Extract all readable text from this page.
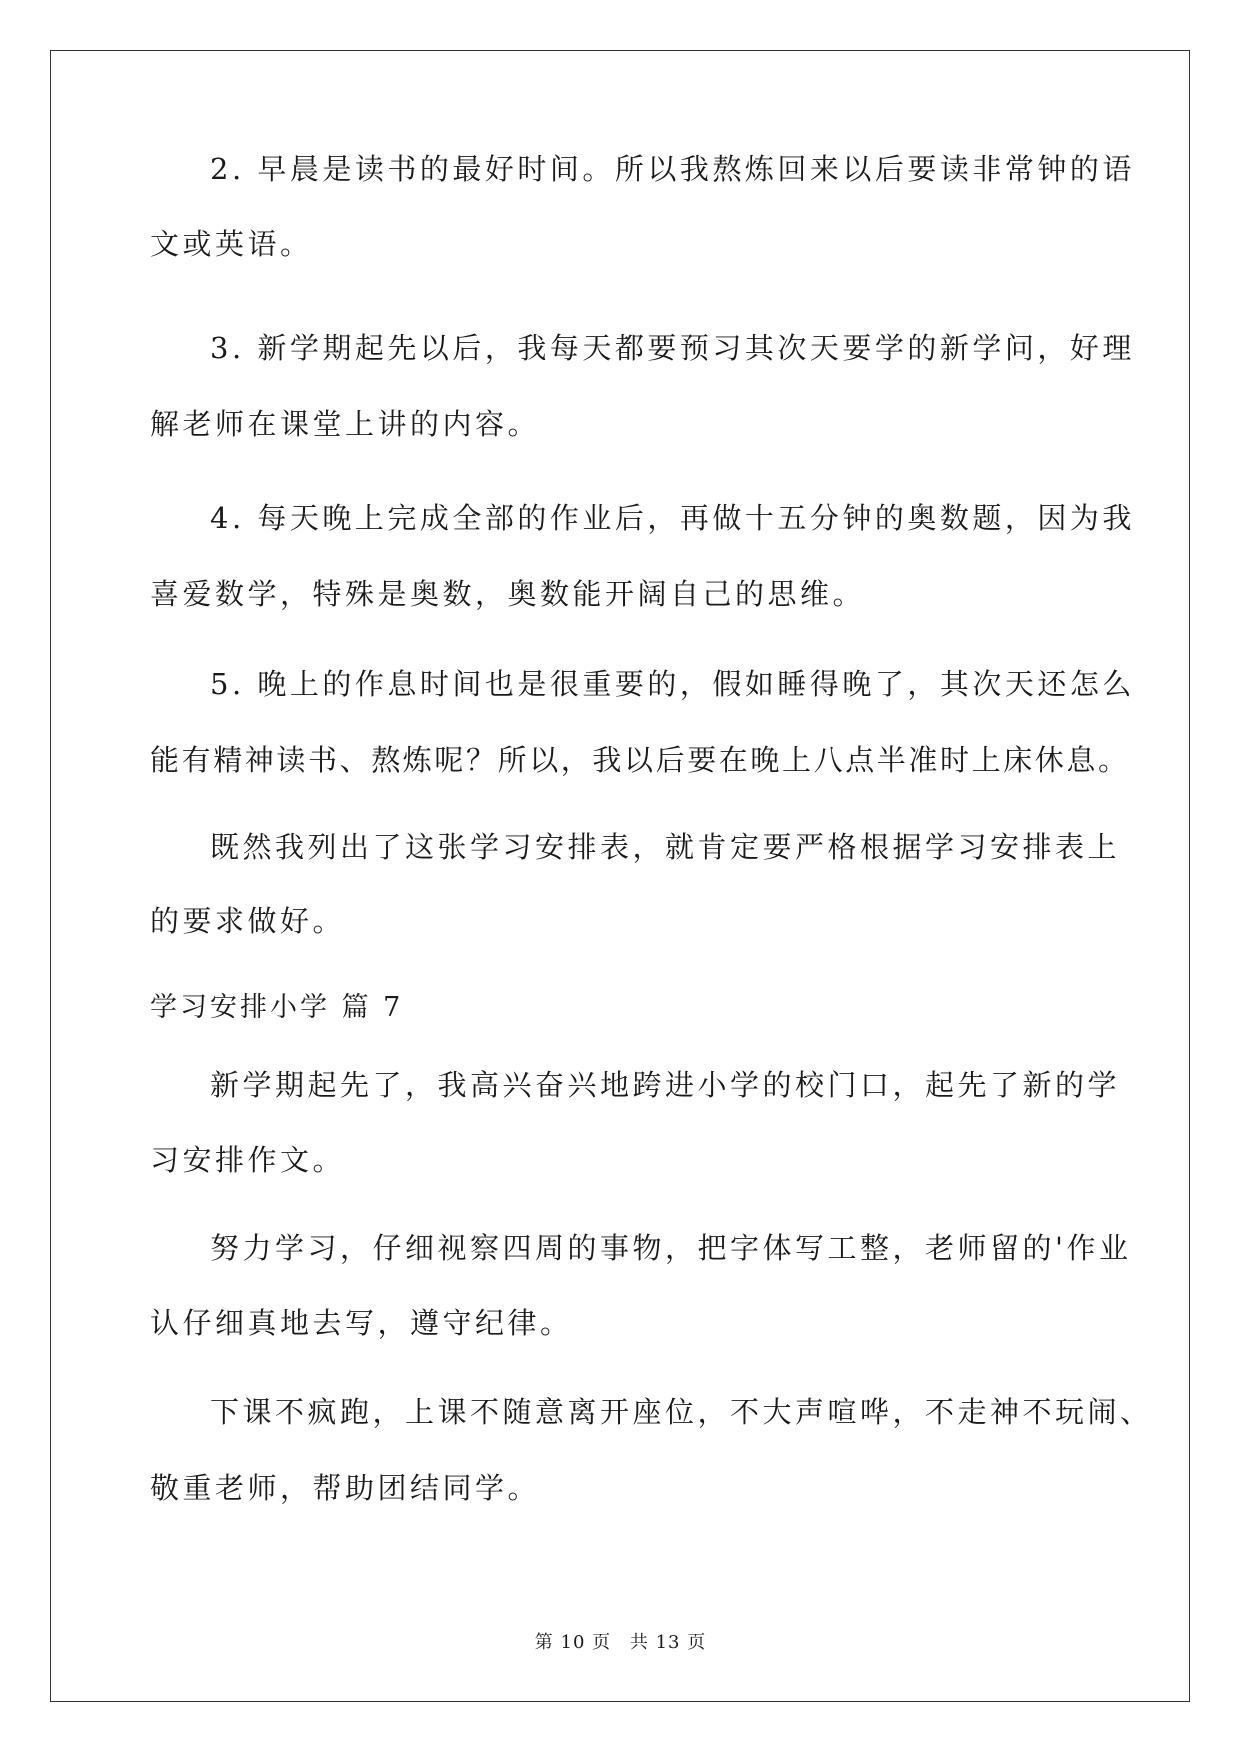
2. 早晨是读书的最好时间。所以我熬炼回来以后要读非常钟的语

文或英语。

3. 新学期起先以后，我每天都要预习其次天要学的新学问，好理

解老师在课堂上讲的内容。

4. 每天晚上完成全部的作业后，再做十五分钟的奥数题，因为我

喜爱数学，特殊是奥数，奥数能开阔自己的思维。

5. 晚上的作息时间也是很重要的，假如睡得晚了，其次天还怎么

能有精神读书、熬炼呢？所以，我以后要在晚上八点半准时上床休息。

既然我列出了这张学习安排表，就肯定要严格根据学习安排表上

的要求做好。

学习安排小学 篇 7

新学期起先了，我高兴奋兴地跨进小学的校门口，起先了新的学

习安排作文。

努力学习，仔细视察四周的事物，把字体写工整，老师留的'作业

认仔细真地去写，遵守纪律。

下课不疯跑，上课不随意离开座位，不大声喧哗，不走神不玩闹、

敬重老师，帮助团结同学。

第 10 页 共 13 页
